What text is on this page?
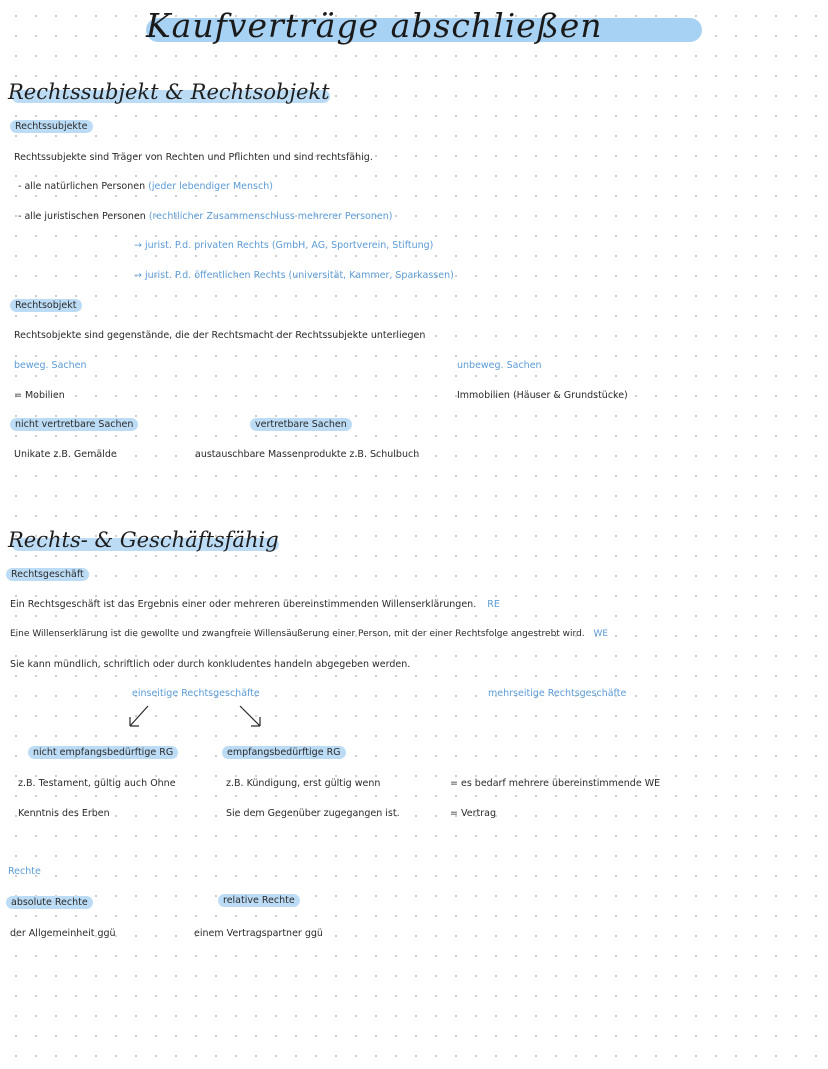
Kaufverträge abschließen
Rechtssubjekt & Rechtsobjekt
Rechtssubjekte
Rechtssubjekte sind Träger von Rechten und Pflichten und sind rechtsfähig.
- alle natürlichen Personen (jeder lebendiger Mensch)
- alle juristischen Personen (rechtlicher Zusammenschluss mehrerer Personen)
→ jurist. P.d. privaten Rechts (GmbH, AG, Sportverein, Stiftung)
→ jurist. P.d. öffentlichen Rechts (universität, Kammer, Sparkassen)
Rechtsobjekt
Rechtsobjekte sind gegenstände, die der Rechtsmacht der Rechtssubjekte unterliegen
beweg. Sachen	unbeweg. Sachen
= Mobilien	Immobilien (Häuser & Grundstücke)
nicht vertretbare Sachen	vertretbare Sachen
Unikate z.B. Gemälde	austauschbare Massenprodukte z.B. Schulbuch
Rechts- & Geschäftsfähig
Rechtsgeschäft
Ein Rechtsgeschäft ist das Ergebnis einer oder mehreren übereinstimmenden Willenserklärungen. RE
Eine Willenserklärung ist die gewollte und zwangfreie Willensäußerung einer Person, mit der einer Rechtsfolge angestrebt wird. WE
Sie kann mündlich, schriftlich oder durch konkludentes handeln abgegeben werden.
einseitige Rechtsgeschäfte	mehrseitige Rechtsgeschäfte
nicht empfangsbedürftige RG	empfangsbedürftige RG
z.B. Testament, gültig auch Ohne	z.B. Kündigung, erst gültig wenn	= es bedarf mehrere übereinstimmende WE
Kenntnis des Erben	Sie dem Gegenüber zugegangen ist.	= Vertrag
Rechte
absolute Rechte	relative Rechte
der Allgemeinheit ggü	einem Vertragspartner ggü
